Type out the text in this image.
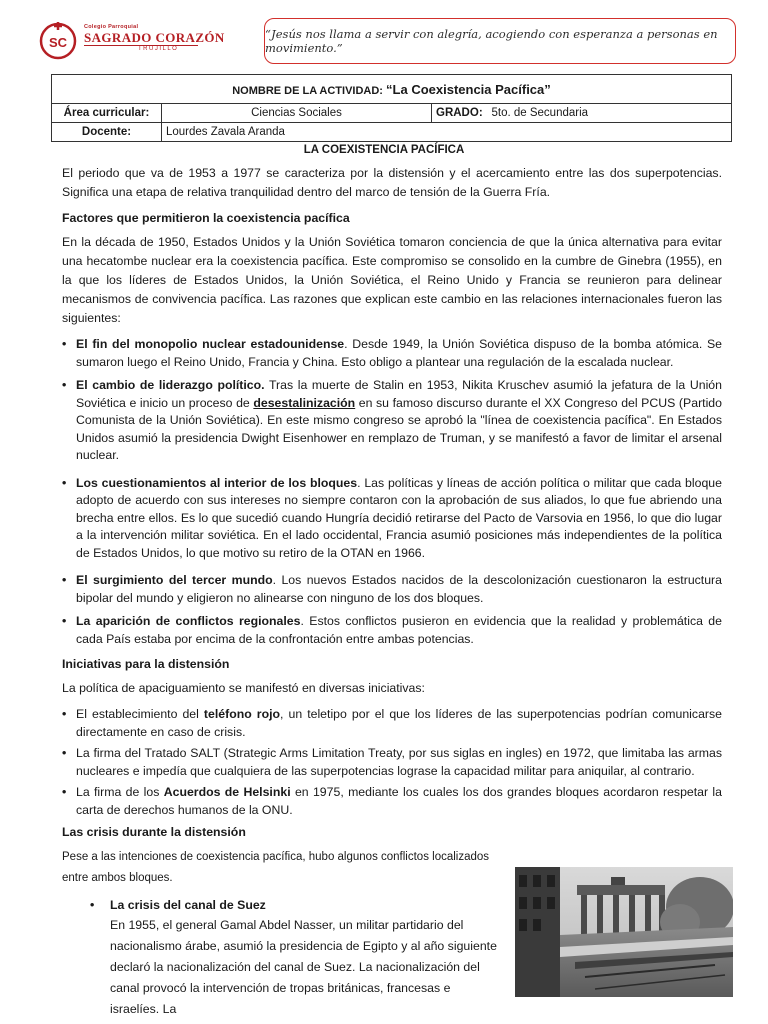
SC
Colegio Parroquial
SAGRADO CORAZÓN
TRUJILLO
“Jesús nos llama a servir con alegría, acogiendo con esperanza a personas en movimiento.”
NOMBRE DE LA ACTIVIDAD: “La Coexistencia Pacífica”			
Área curricular:	Ciencias Sociales	GRADO:	5to. de Secundaria
Docente:	Lourdes Zavala Aranda		
LA COEXISTENCIA PACÍFICA

El periodo que va de 1953 a 1977 se caracteriza por la distensión y el acercamiento entre las dos superpotencias. Significa una etapa de relativa tranquilidad dentro del marco de tensión de la Guerra Fría.

Factores que permitieron la coexistencia pacífica

En la década de 1950, Estados Unidos y la Unión Soviética tomaron conciencia de que la única alternativa para evitar una hecatombe nuclear era la coexistencia pacífica. Este compromiso se consolido en la cumbre de Ginebra (1955), en la que los líderes de Estados Unidos, la Unión Soviética, el Reino Unido y Francia se reunieron para delinear mecanismos de convivencia pacífica. Las razones que explican este cambio en las relaciones internacionales fueron las siguientes:

• El fin del monopolio nuclear estadounidense. Desde 1949, la Unión Soviética dispuso de la bomba atómica. Se sumaron luego el Reino Unido, Francia y China. Esto obligo a plantear una regulación de la escalada nuclear.
• El cambio de liderazgo político. Tras la muerte de Stalin en 1953, Nikita Kruschev asumió la jefatura de la Unión Soviética e inicio un proceso de desestalinización en su famoso discurso durante el XX Congreso del PCUS (Partido Comunista de la Unión Soviética). En este mismo congreso se aprobó la "línea de coexistencia pacífica". En Estados Unidos asumió la presidencia Dwight Eisenhower en remplazo de Truman, y se manifestó a favor de limitar el arsenal nuclear.
• Los cuestionamientos al interior de los bloques. Las políticas y líneas de acción política o militar que cada bloque adopto de acuerdo con sus intereses no siempre contaron con la aprobación de sus aliados, lo que fue abriendo una brecha entre ellos. Es lo que sucedió cuando Hungría decidió retirarse del Pacto de Varsovia en 1956, lo que dio lugar a la intervención militar soviética. En el lado occidental, Francia asumió posiciones más independientes de la política de Estados Unidos, lo que motivo su retiro de la OTAN en 1966.
• El surgimiento del tercer mundo. Los nuevos Estados nacidos de la descolonización cuestionaron la estructura bipolar del mundo y eligieron no alinearse con ninguno de los dos bloques.
• La aparición de conflictos regionales. Estos conflictos pusieron en evidencia que la realidad y problemática de cada País estaba por encima de la confrontación entre ambas potencias.
Iniciativas para la distensión

La política de apaciguamiento se manifestó en diversas iniciativas:

• El establecimiento del teléfono rojo, un teletipo por el que los líderes de las superpotencias podrían comunicarse directamente en caso de crisis.
• La firma del Tratado SALT (Strategic Arms Limitation Treaty, por sus siglas en ingles) en 1972, que limitaba las armas nucleares e impedía que cualquiera de las superpotencias lograse la capacidad militar para aniquilar, al contrario.
• La firma de los Acuerdos de Helsinki en 1975, mediante los cuales los dos grandes bloques acordaron respetar la carta de derechos humanos de la ONU.
Las crisis durante la distensión

Pese a las intenciones de coexistencia pacífica, hubo algunos conflictos localizados entre ambos bloques.

• La crisis del canal de Suez

En 1955, el general Gamal Abdel Nasser, un militar partidario del nacionalismo árabe, asumió la presidencia de Egipto y al año siguiente declaró la nacionalización del canal de Suez. La nacionalización del canal provocó la intervención de tropas británicas, francesas e israelíes. La
